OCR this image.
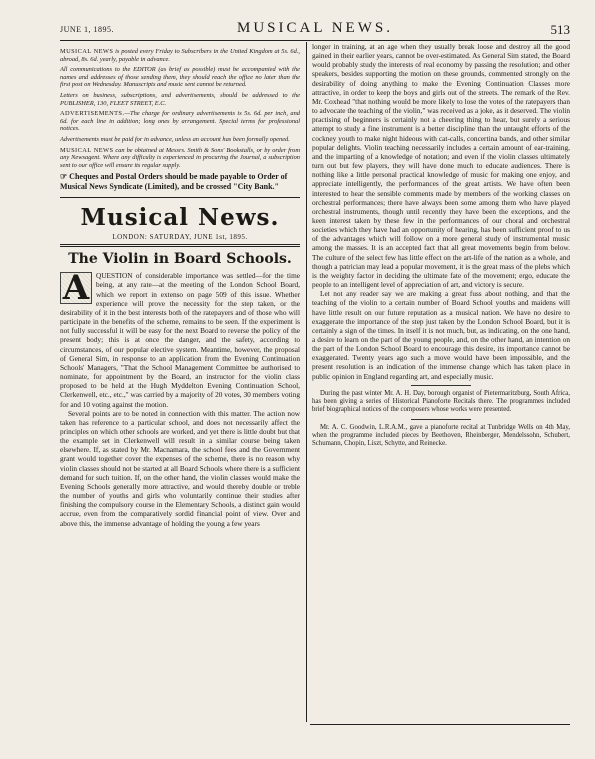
JUNE 1, 1895.	MUSICAL NEWS.	513

MUSICAL NEWS is posted every Friday to Subscribers in the United Kingdom at 5s. 6d., abroad, 8s. 6d. yearly, payable in advance.

All communications to the EDITOR (as brief as possible) must be accompanied with the names and addresses of those sending them, they should reach the office no later than the first post on Wednesday. Manuscripts and music sent cannot be returned.

Letters on business, subscriptions, and advertisements, should be addressed to the PUBLISHER, 130, FLEET STREET, E.C.

ADVERTISEMENTS.—The charge for ordinary advertisements is 5s. 6d. per inch, and 6d. for each line in addition; long ones by arrangement. Special terms for professional notices.

Advertisements must be paid for in advance, unless an account has been formally opened.

MUSICAL NEWS can be obtained at Messrs. Smith & Sons' Bookstalls, or by order from any Newsagent. Where any difficulty is experienced in procuring the Journal, a subscription sent to our office will ensure its regular supply.

☞ Cheques and Postal Orders should be made payable to Order of Musical News Syndicate (Limited), and be crossed "City Bank."

Musical News.
LONDON: SATURDAY, JUNE 1st, 1895.
The Violin in Board Schools.

A QUESTION of considerable importance was settled—for the time being, at any rate—at the meeting of the London School Board, which we report in extenso on page 509 of this issue. Whether experience will prove the necessity for the step taken, or the desirability of it in the best interests both of the ratepayers and of those who will participate in the benefits of the scheme, remains to be seen. If the experiment is not fully successful it will be easy for the next Board to reverse the policy of the present body; this is at once the danger, and the safety, according to circumstances, of our popular elective system. Meantime, however, the proposal of General Sim, in response to an application from the Evening Continuation Schools' Managers, "That the School Management Committee be authorised to nominate, for appointment by the Board, an instructor for the violin class proposed to be held at the Hugh Myddelton Evening Continuation School, Clerkenwell, etc., etc.," was carried by a majority of 20 votes, 30 members voting for and 10 voting against the motion.

Several points are to be noted in connection with this matter. The action now taken has reference to a particular school, and does not necessarily affect the principles on which other schools are worked, and yet there is little doubt but that the example set in Clerkenwell will result in a similar course being taken elsewhere. If, as stated by Mr. Macnamara, the school fees and the Government grant would together cover the expenses of the scheme, there is no reason why violin classes should not be started at all Board Schools where there is a sufficient demand for such tuition. If, on the other hand, the violin classes would make the Evening Schools generally more attractive, and would thereby double or treble the number of youths and girls who voluntarily continue their studies after finishing the compulsory course in the Elementary Schools, a distinct gain would accrue, even from the comparatively sordid financial point of view. Over and above this, the immense advantage of holding the young a few years

longer in training, at an age when they usually break loose and destroy all the good gained in their earlier years, cannot be over-estimated. As General Sim stated, the Board would probably study the interests of real economy by passing the resolution; and other speakers, besides supporting the motion on these grounds, commented strongly on the desirability of doing anything to make the Evening Continuation Classes more attractive, in order to keep the boys and girls out of the streets. The remark of the Rev. Mr. Coxhead "that nothing would be more likely to lose the votes of the ratepayers than to advocate the teaching of the violin," was received as a joke, as it deserved. The violin practising of beginners is certainly not a cheering thing to hear, but surely a serious attempt to study a fine instrument is a better discipline than the untaught efforts of the cockney youth to make night hideous with cat-calls, concertina bands, and other similar popular delights. Violin teaching necessarily includes a certain amount of ear-training, and the imparting of a knowledge of notation; and even if the violin classes ultimately turn out but few players, they will have done much to educate audiences. There is nothing like a little personal practical knowledge of music for making one enjoy, and appreciate intelligently, the performances of the great artists. We have often been interested to hear the sensible comments made by members of the working classes on orchestral performances; there have always been some among them who have played orchestral instruments, though until recently they have been the exceptions, and the keen interest taken by these few in the performances of our choral and orchestral societies which they have had an opportunity of hearing, has been sufficient proof to us of the advantages which will follow on a more general study of instrumental music among the masses. It is an accepted fact that all great movements begin from below. The culture of the select few has little effect on the art-life of the nation as a whole, and though a patrician may lead a popular movement, it is the great mass of the plebs which is the weighty factor in deciding the ultimate fate of the movement; ergo, educate the people to an intelligent level of appreciation of art, and victory is secure.

Let not any reader say we are making a great fuss about nothing, and that the teaching of the violin to a certain number of Board School youths and maidens will have little result on our future reputation as a musical nation. We have no desire to exaggerate the importance of the step just taken by the London School Board, but it is certainly a sign of the times. In itself it is not much, but, as indicating, on the one hand, a desire to learn on the part of the young people, and, on the other hand, an intention on the part of the London School Board to encourage this desire, its importance cannot be exaggerated. Twenty years ago such a move would have been impossible, and the present resolution is an indication of the immense change which has taken place in public opinion in England regarding art, and especially music.

During the past winter Mr. A. H. Day, borough organist of Pietermaritzburg, South Africa, has been giving a series of Historical Pianoforte Recitals there. The programmes included brief biographical notices of the composers whose works were presented.

Mr. A. C. Goodwin, L.R.A.M., gave a pianoforte recital at Tunbridge Wells on 4th May, when the programme included pieces by Beethoven, Rheinberger, Mendelssohn, Schubert, Schumann, Chopin, Liszt, Schytte, and Reinecke.
